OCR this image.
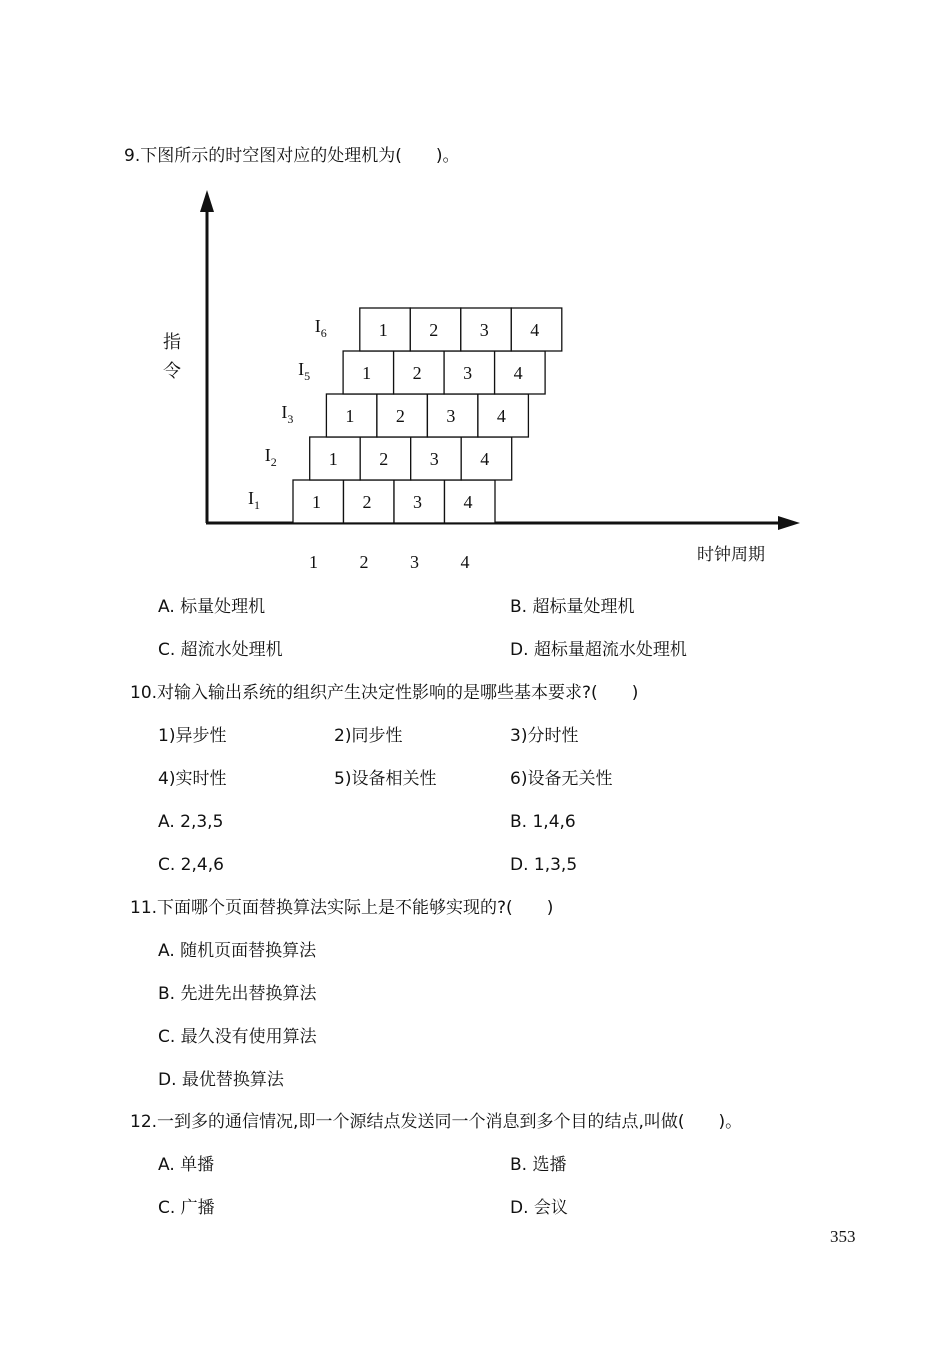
9.下图所示的时空图对应的处理机为(　　)。
$I_1$	1 2 3 4
$I_2$	1 2 3 4
$I_3$	1 2 3 4
$I_5$	1 2 3 4
$I_6$	1 2 3 4
1 2 3 4
指
令
时钟周期
A. 标量处理机	B. 超标量处理机
C. 超流水处理机	D. 超标量超流水处理机
10.对输入输出系统的组织产生决定性影响的是哪些基本要求?(　　)
1)异步性	2)同步性	3)分时性
4)实时性	5)设备相关性	6)设备无关性
A. 2,3,5	B. 1,4,6
C. 2,4,6	D. 1,3,5
11.下面哪个页面替换算法实际上是不能够实现的?(　　)
A. 随机页面替换算法
B. 先进先出替换算法
C. 最久没有使用算法
D. 最优替换算法
12.一到多的通信情况,即一个源结点发送同一个消息到多个目的结点,叫做(　　)。
A. 单播	B. 选播
C. 广播	D. 会议
353
